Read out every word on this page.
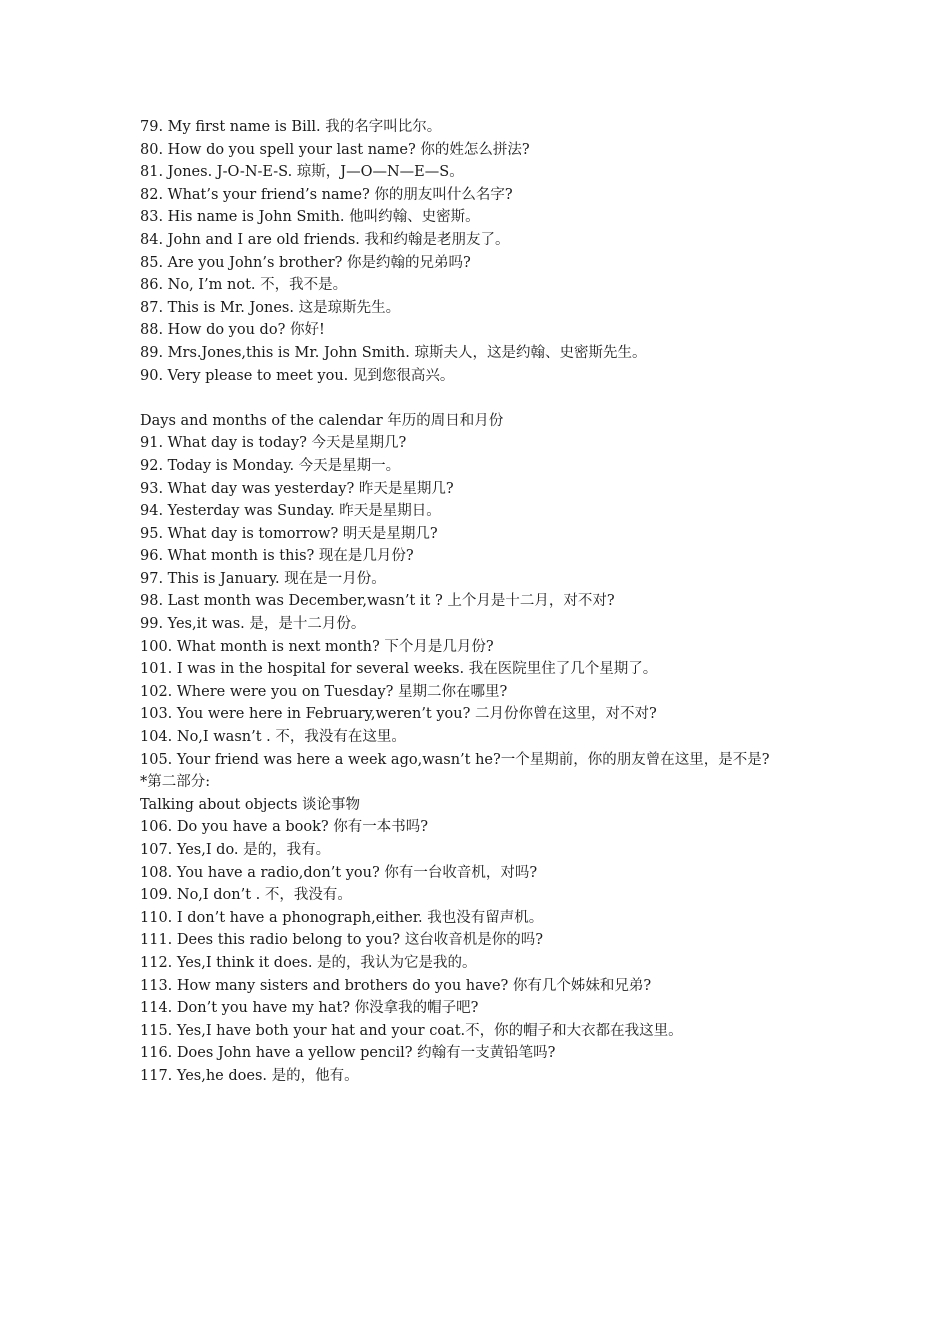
79. My first name is Bill. 我的名字叫比尔。
80. How do you spell your last name? 你的姓怎么拼法?
81. Jones. J-O-N-E-S. 琼斯，J—O—N—E—S。
82. What’s your friend’s name? 你的朋友叫什么名字?
83. His name is John Smith. 他叫约翰、史密斯。
84. John and I are old friends. 我和约翰是老朋友了。
85. Are you John’s brother? 你是约翰的兄弟吗?
86. No, I’m not. 不，我不是。
87. This is Mr. Jones. 这是琼斯先生。
88. How do you do? 你好!
89. Mrs.Jones,this is Mr. John Smith. 琼斯夫人，这是约翰、史密斯先生。
90. Very please to meet you. 见到您很高兴。
Days and months of the calendar 年历的周日和月份
91. What day is today? 今天是星期几?
92. Today is Monday. 今天是星期一。
93. What day was yesterday? 昨天是星期几?
94. Yesterday was Sunday. 昨天是星期日。
95. What day is tomorrow? 明天是星期几?
96. What month is this? 现在是几月份?
97. This is January. 现在是一月份。
98. Last month was December,wasn’t it ? 上个月是十二月，对不对?
99. Yes,it was. 是，是十二月份。
100. What month is next month? 下个月是几月份?
101. I was in the hospital for several weeks. 我在医院里住了几个星期了。
102. Where were you on Tuesday? 星期二你在哪里?
103. You were here in February,weren’t you? 二月份你曾在这里，对不对?
104. No,I wasn’t . 不，我没有在这里。
105. Your friend was here a week ago,wasn’t he?一个星期前，你的朋友曾在这里，是不是?
*第二部分:
Talking about objects 谈论事物
106. Do you have a book? 你有一本书吗?
107. Yes,I do. 是的，我有。
108. You have a radio,don’t you? 你有一台收音机，对吗?
109. No,I don’t . 不，我没有。
110. I don’t have a phonograph,either. 我也没有留声机。
111. Dees this radio belong to you? 这台收音机是你的吗?
112. Yes,I think it does. 是的，我认为它是我的。
113. How many sisters and brothers do you have? 你有几个姊妹和兄弟?
114. Don’t you have my hat? 你没拿我的帽子吧?
115. Yes,I have both your hat and your coat.不，你的帽子和大衣都在我这里。
116. Does John have a yellow pencil? 约翰有一支黄铅笔吗?
117. Yes,he does. 是的，他有。
